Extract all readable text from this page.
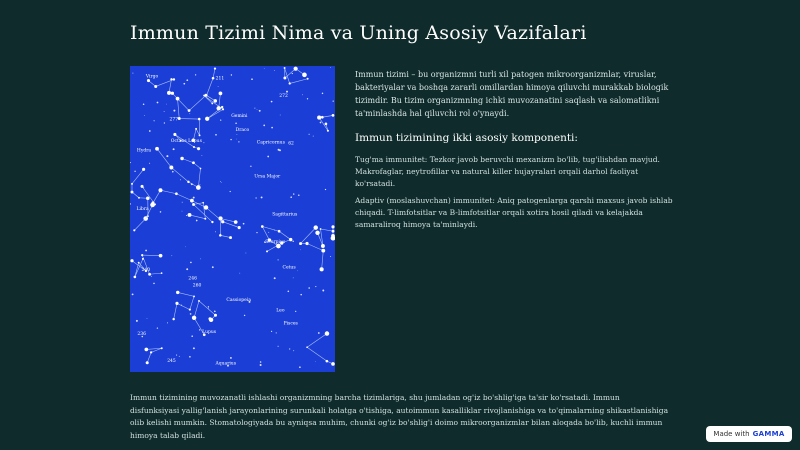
Immun Tizimi Nima va Uning Asosiy Vazifalari
Octans Lepus
Lupus
Gemini
Ursa Major
Hydra
Sagittarius
Scorpius
Pisces
Leo
Capricornus
Aquarius
Libra
Cetus
Virgo
Cassiopeia
Draco
62
272
277
211
246
236
240
245
260

Immun tizimi – bu organizmni turli xil patogen mikroorganizmlar, viruslar, bakteriyalar va boshqa zararli omillardan himoya qiluvchi murakkab biologik tizimdir. Bu tizim organizmning ichki muvozanatini saqlash va salomatlikni ta'minlashda hal qiluvchi rol o'ynaydi.

Immun tizimining ikki asosiy komponenti:

Tug'ma immunitet: Tezkor javob beruvchi mexanizm bo'lib, tug'ilishdan mavjud. Makrofaglar, neytrofillar va natural killer hujayralari orqali darhol faoliyat ko'rsatadi.

Adaptiv (moslashuvchan) immunitet: Aniq patogenlarga qarshi maxsus javob ishlab chiqadi. T-limfotsitlar va B-limfotsitlar orqali xotira hosil qiladi va kelajakda samaraliroq himoya ta'minlaydi.

Immun tizimining muvozanatli ishlashi organizmning barcha tizimlariga, shu jumladan og'iz bo'shlig'iga ta'sir ko'rsatadi. Immun disfunksiyasi yallig'lanish jarayonlarining surunkali holatga o'tishiga, autoimmun kasalliklar rivojlanishiga va to'qimalarning shikastlanishiga olib kelishi mumkin. Stomatologiyada bu ayniqsa muhim, chunki og'iz bo'shlig'i doimo mikroorganizmlar bilan aloqada bo'lib, kuchli immun himoya talab qiladi.	Made with GAMMA
